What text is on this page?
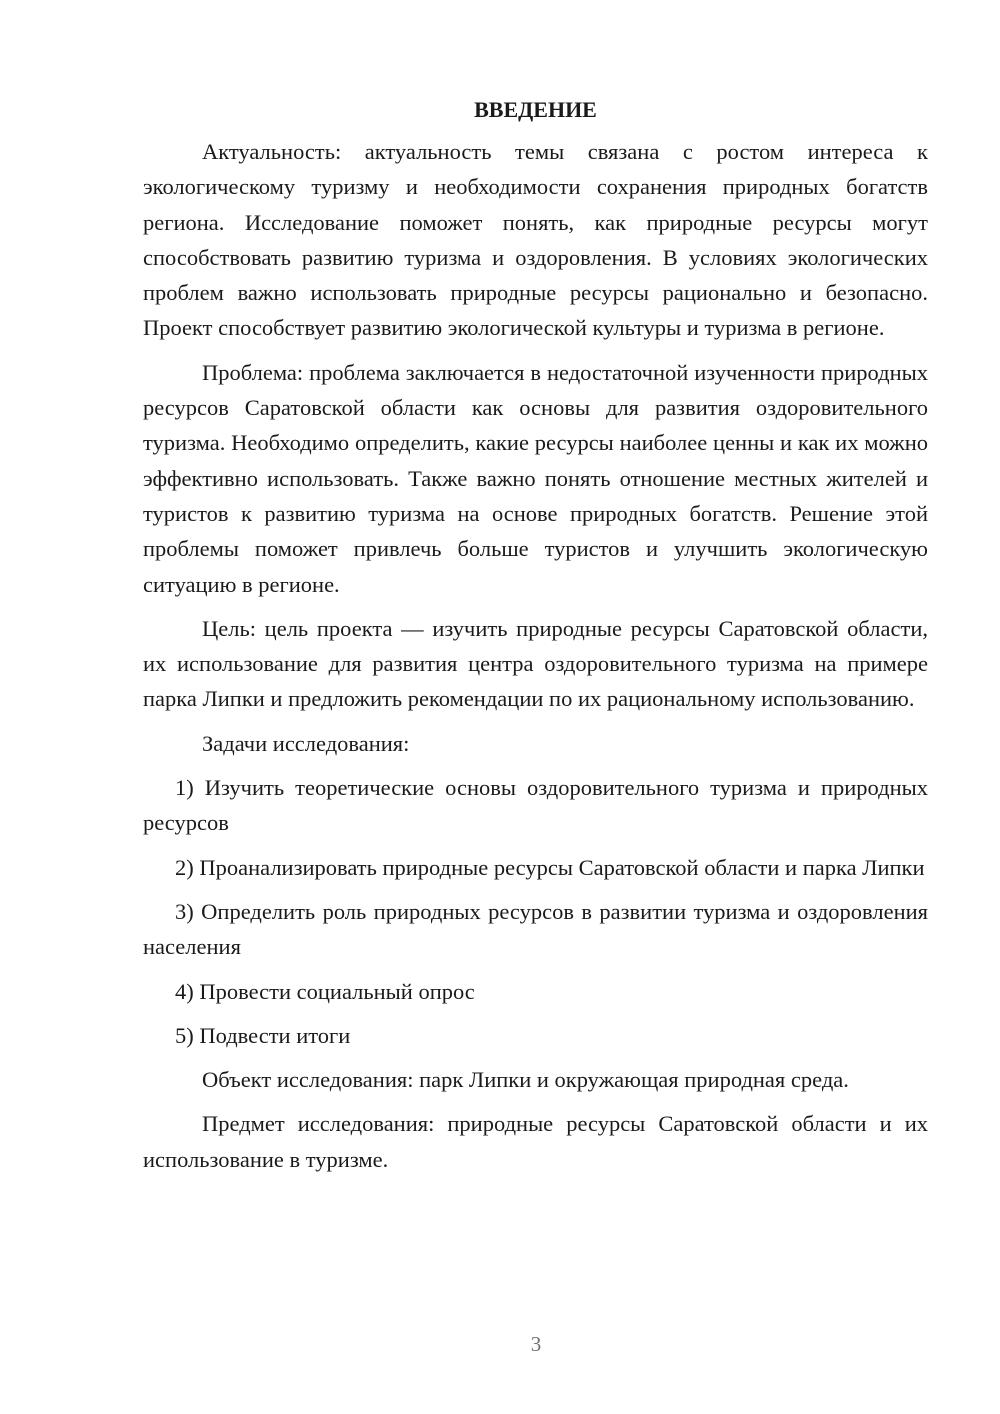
ВВЕДЕНИЕ

Актуальность: актуальность темы связана с ростом интереса к экологическому туризму и необходимости сохранения природных богатств региона. Исследование поможет понять, как природные ресурсы могут способствовать развитию туризма и оздоровления. В условиях экологических проблем важно использовать природные ресурсы рационально и безопасно. Проект способствует развитию экологической культуры и туризма в регионе.

Проблема: проблема заключается в недостаточной изученности природных ресурсов Саратовской области как основы для развития оздоровительного туризма. Необходимо определить, какие ресурсы наиболее ценны и как их можно эффективно использовать. Также важно понять отношение местных жителей и туристов к развитию туризма на основе природных богатств. Решение этой проблемы поможет привлечь больше туристов и улучшить экологическую ситуацию в регионе.

Цель: цель проекта — изучить природные ресурсы Саратовской области, их использование для развития центра оздоровительного туризма на примере парка Липки и предложить рекомендации по их рациональному использованию.

Задачи исследования:

1) Изучить теоретические основы оздоровительного туризма и природных ресурсов

2) Проанализировать природные ресурсы Саратовской области и парка Липки

3) Определить роль природных ресурсов в развитии туризма и оздоровления населения

4) Провести социальный опрос

5) Подвести итоги

Объект исследования: парк Липки и окружающая природная среда.

Предмет исследования: природные ресурсы Саратовской области и их использование в туризме.

3
